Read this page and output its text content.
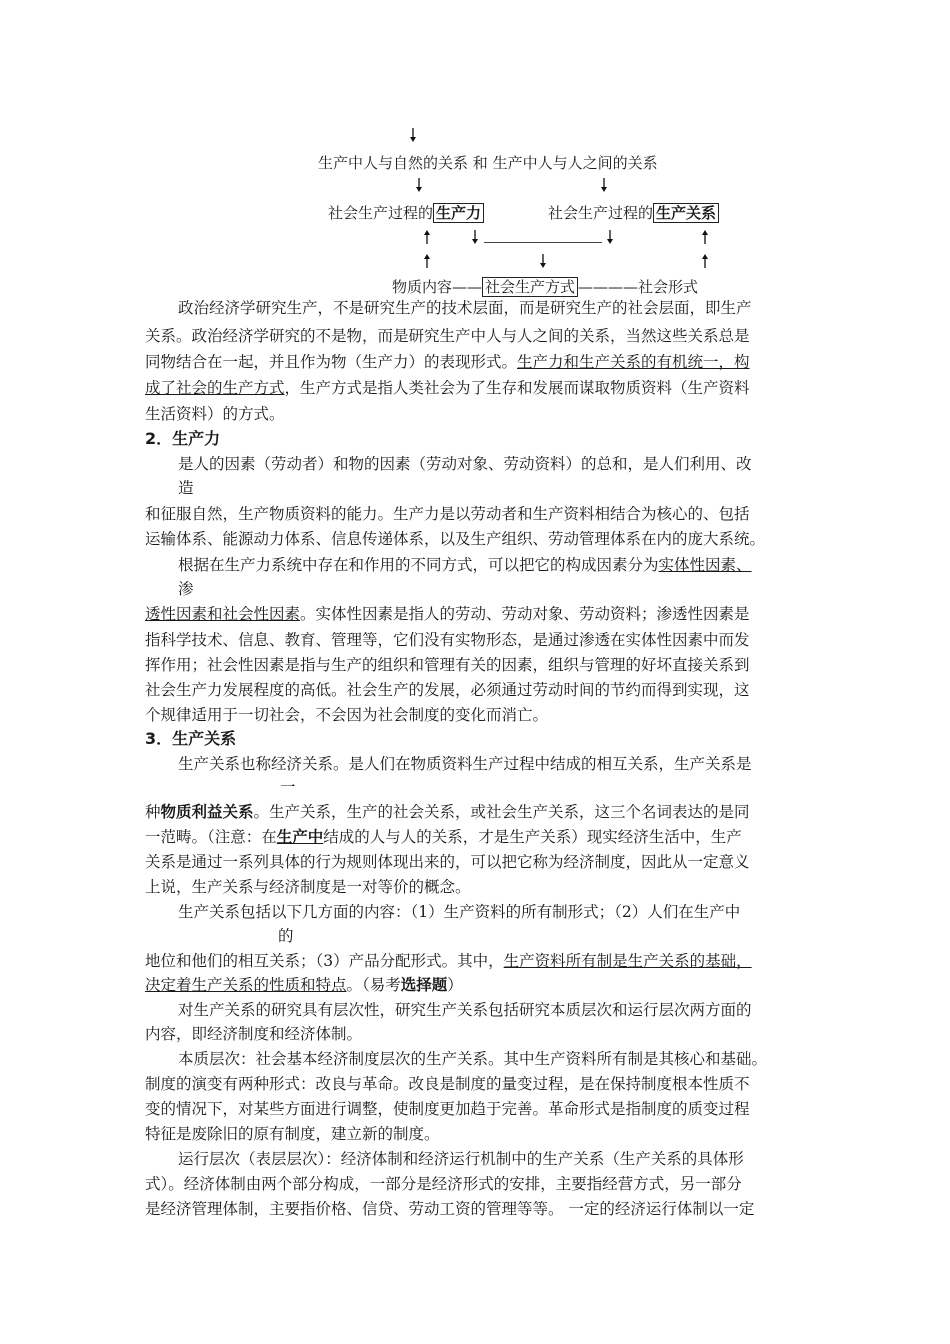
生产中人与自然的关系 和 生产中人与人之间的关系
社会生产过程的 生产力	社会生产过程的 生产关系
物质内容—— 社会生产方式 ————社会形式
政治经济学研究生产，不是研究生产的技术层面，而是研究生产的社会层面，即生产
关系。政治经济学研究的不是物，而是研究生产中人与人之间的关系，当然这些关系总是
同物结合在一起，并且作为物（生产力）的表现形式。生产力和生产关系的有机统一，构
成了社会的生产方式，生产方式是指人类社会为了生存和发展而谋取物质资料（生产资料
生活资料）的方式。
2．生产力
是人的因素（劳动者）和物的因素（劳动对象、劳动资料）的总和，是人们利用、改
造
和征服自然，生产物质资料的能力。生产力是以劳动者和生产资料相结合为核心的、包括
运输体系、能源动力体系、信息传递体系，以及生产组织、劳动管理体系在内的庞大系统。
根据在生产力系统中存在和作用的不同方式，可以把它的构成因素分为实体性因素、
渗
透性因素和社会性因素。实体性因素是指人的劳动、劳动对象、劳动资料；渗透性因素是
指科学技术、信息、教育、管理等，它们没有实物形态，是通过渗透在实体性因素中而发
挥作用；社会性因素是指与生产的组织和管理有关的因素，组织与管理的好坏直接关系到
社会生产力发展程度的高低。社会生产的发展，必须通过劳动时间的节约而得到实现，这
个规律适用于一切社会，不会因为社会制度的变化而消亡。
3．生产关系
生产关系也称经济关系。是人们在物质资料生产过程中结成的相互关系，生产关系是
一
种物质利益关系。生产关系，生产的社会关系，或社会生产关系，这三个名词表达的是同
一范畴。（注意：在生产中结成的人与人的关系，才是生产关系）现实经济生活中，生产
关系是通过一系列具体的行为规则体现出来的，可以把它称为经济制度，因此从一定意义
上说，生产关系与经济制度是一对等价的概念。
生产关系包括以下几方面的内容：（1）生产资料的所有制形式；（2）人们在生产中
的
地位和他们的相互关系；（3）产品分配形式。其中，生产资料所有制是生产关系的基础，
决定着生产关系的性质和特点。（易考选择题）
对生产关系的研究具有层次性，研究生产关系包括研究本质层次和运行层次两方面的
内容，即经济制度和经济体制。
本质层次：社会基本经济制度层次的生产关系。其中生产资料所有制是其核心和基础。
制度的演变有两种形式：改良与革命。改良是制度的量变过程，是在保持制度根本性质不
变的情况下，对某些方面进行调整，使制度更加趋于完善。革命形式是指制度的质变过程
特征是废除旧的原有制度，建立新的制度。
运行层次（表层层次）：经济体制和经济运行机制中的生产关系（生产关系的具体形
式）。经济体制由两个部分构成，一部分是经济形式的安排，主要指经营方式，另一部分
是经济管理体制，主要指价格、信贷、劳动工资的管理等等。 一定的经济运行体制以一定
